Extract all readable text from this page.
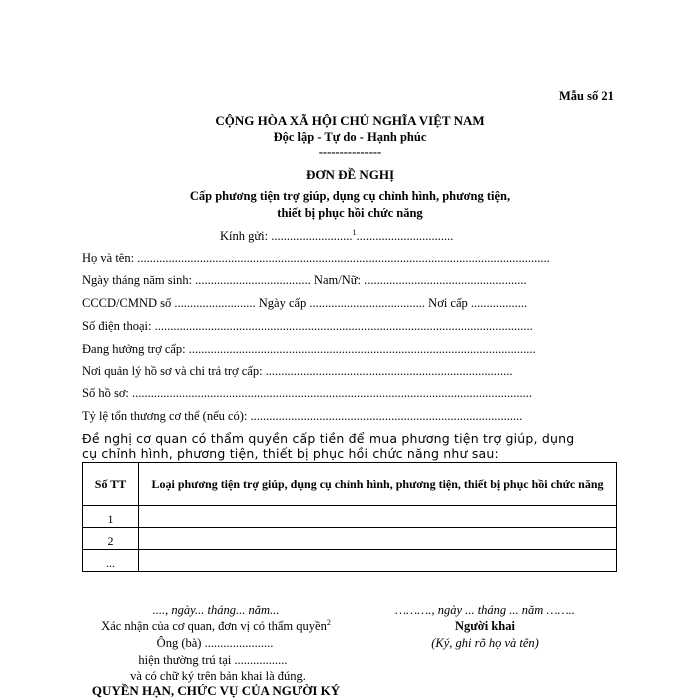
Mẫu số 21
CỘNG HÒA XÃ HỘI CHỦ NGHĨA VIỆT NAM
Độc lập - Tự do - Hạnh phúc
---------------
ĐƠN ĐỀ NGHỊ
Cấp phương tiện trợ giúp, dụng cụ chỉnh hình, phương tiện,
thiết bị phục hồi chức năng
Kính gửi: ..........................$^1$...............................
Họ và tên: ....................................................................................................................................
Ngày tháng năm sinh: ..................................... Nam/Nữ: ....................................................
CCCD/CMND số .......................... Ngày cấp ..................................... Nơi cấp ..................
Số điện thoại: .........................................................................................................................
Đang hưởng trợ cấp: ...............................................................................................................
Nơi quản lý hồ sơ và chi trả trợ cấp: ...............................................................................
Số hồ sơ: ................................................................................................................................
Tỷ lệ tổn thương cơ thể (nếu có): .......................................................................................
Đề nghị cơ quan có thẩm quyền cấp tiền để mua phương tiện trợ giúp, dụng
cụ chỉnh hình, phương tiện, thiết bị phục hồi chức năng như sau:
Số TT	Loại phương tiện trợ giúp, dụng cụ chỉnh hình, phương tiện, thiết bị phục hồi chức năng
1	
2	
...	
...., ngày... tháng... năm...
Xác nhận của cơ quan, đơn vị có thẩm quyền$^2$
Ông (bà) ......................
hiện thường trú tại .................
và có chữ ký trên bản khai là đúng.
QUYỀN HẠN, CHỨC VỤ CỦA NGƯỜI KÝ
………., ngày ... tháng ... năm ……..
Người khai
(Ký, ghi rõ họ và tên)
